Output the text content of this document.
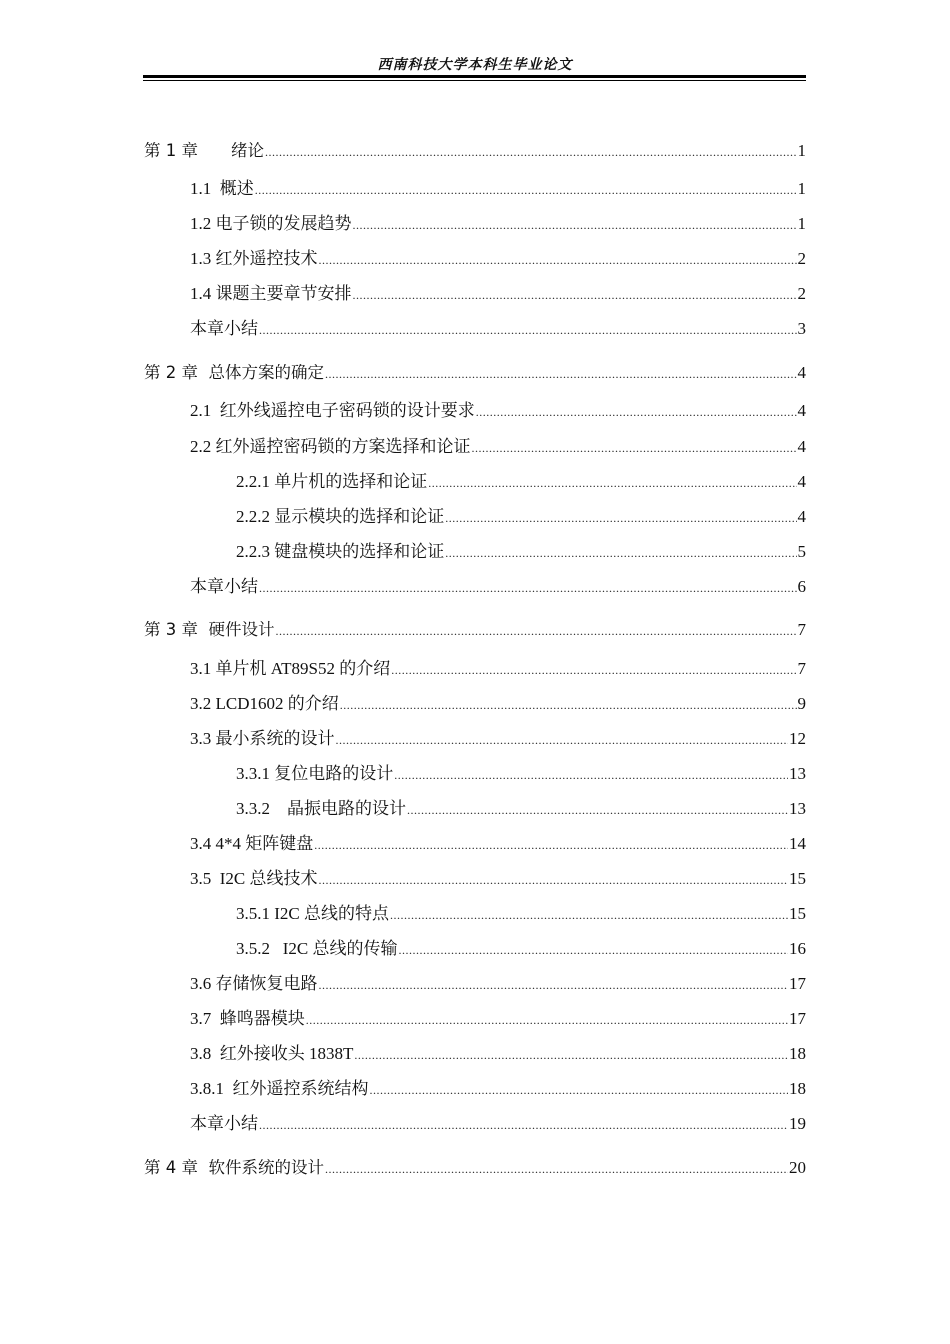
西南科技大学本科生毕业论文
第 1 章　　绪论 .....	1
1.1  概述 .....	1
1.2 电子锁的发展趋势 .....	1
1.3 红外遥控技术 .....	2
1.4 课题主要章节安排 .....	2
本章小结 .....	3
第 2 章  总体方案的确定 .....	4
2.1  红外线遥控电子密码锁的设计要求 .....	4
2.2 红外遥控密码锁的方案选择和论证 .....	4
2.2.1 单片机的选择和论证 .....	4
2.2.2 显示模块的选择和论证 .....	4
2.2.3 键盘模块的选择和论证 .....	5
本章小结 .....	6
第 3 章  硬件设计 .....	7
3.1 单片机 AT89S52 的介绍 .....	7
3.2 LCD1602 的介绍 .....	9
3.3 最小系统的设计 .....	12
3.3.1 复位电路的设计 .....	13
3.3.2　晶振电路的设计 .....	13
3.4 4*4 矩阵键盘 .....	14
3.5  I2C 总线技术 .....	15
3.5.1 I2C 总线的特点 .....	15
3.5.2   I2C 总线的传输 .....	16
3.6 存储恢复电路 .....	17
3.7  蜂鸣器模块 .....	17
3.8  红外接收头 1838T .....	18
3.8.1  红外遥控系统结构 .....	18
本章小结 .....	19
第 4 章  软件系统的设计 .....	20
